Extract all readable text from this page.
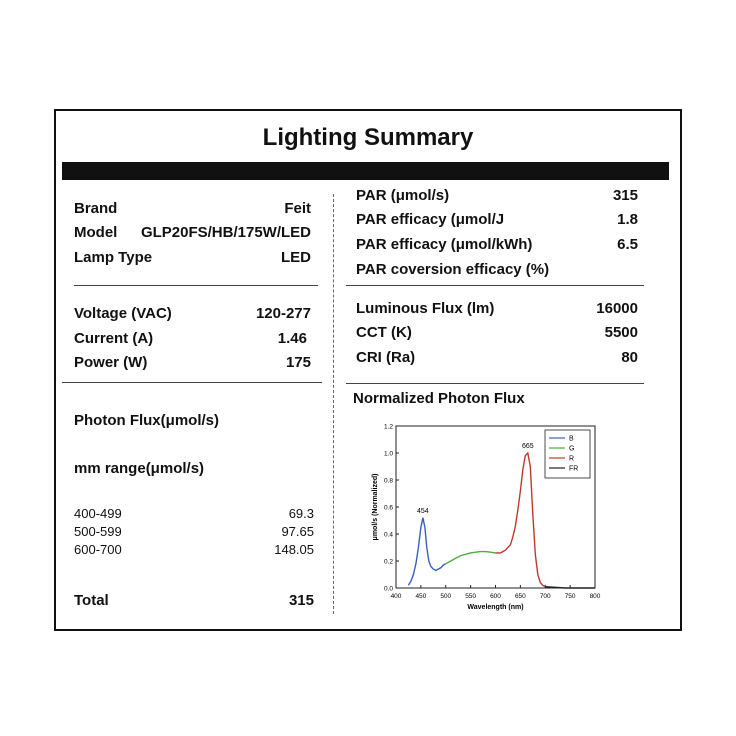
Lighting Summary
Brand	Feit
Model GLP20FS/HB/175W/LED
Lamp Type	LED
Voltage (VAC)	120-277
Current (A)	1.46
Power (W)	175
Photon Flux(μmol/s)
mm range(μmol/s)
400-499	69.3
500-599	97.65
600-700	148.05
Total	315
PAR (μmol/s)	315
PAR efficacy (μmol/J	1.8
PAR efficacy (μmol/kWh)	6.5
PAR coversion efficacy (%)
Luminous Flux (lm)	16000
CCT (K)	5500
CRI (Ra)	80
Normalized Photon Flux
400 450 500 550 600 650 700 750 800
0.0
0.2
0.4
0.6
0.8
1.0
1.2
Wavelength (nm)
μmol/s (Normalized)	454
665
B
G
R
FR
